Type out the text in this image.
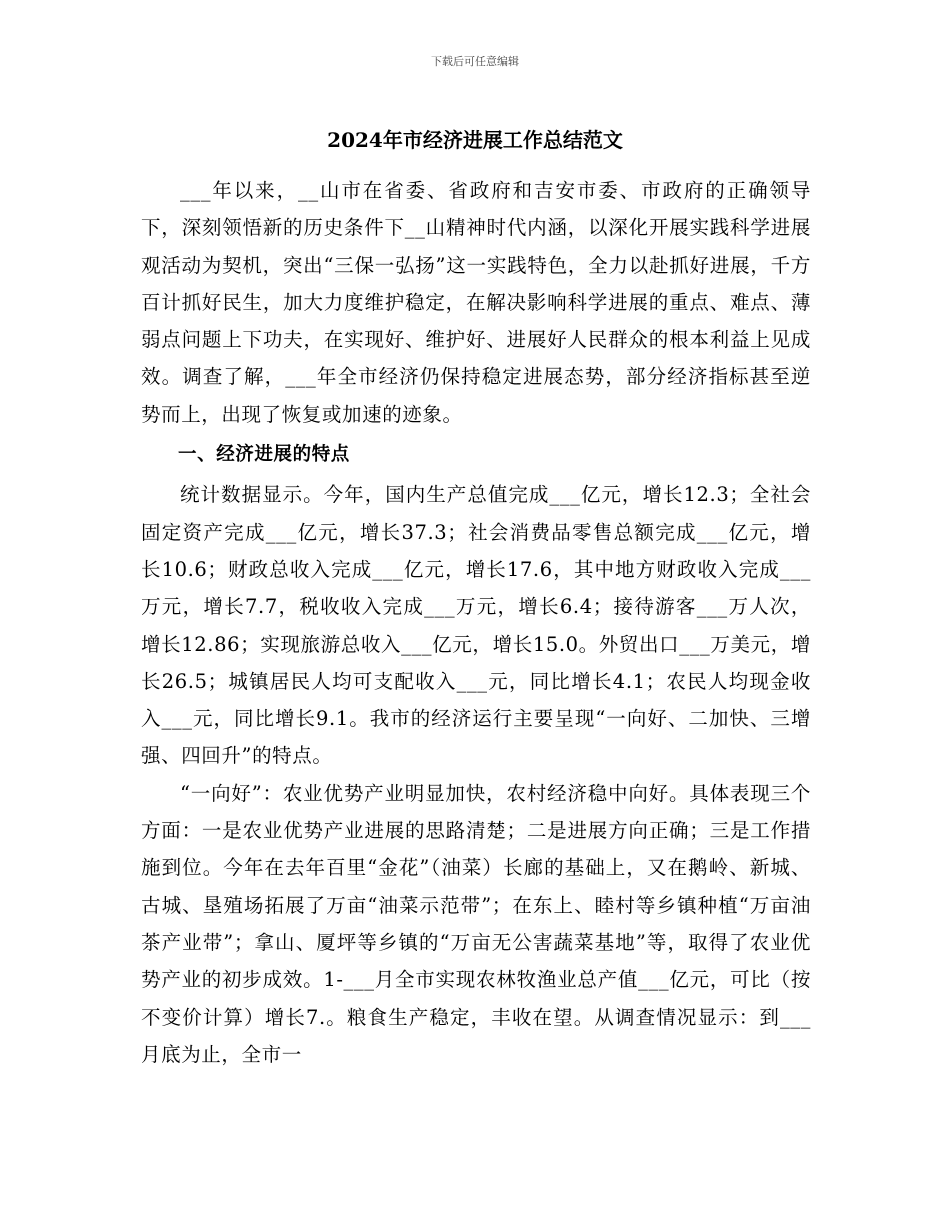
下载后可任意编辑
2024年市经济进展工作总结范文

___年以来，__山市在省委、省政府和吉安市委、市政府的正确领导下，深刻领悟新的历史条件下__山精神时代内涵，以深化开展实践科学进展观活动为契机，突出“三保一弘扬”这一实践特色，全力以赴抓好进展，千方百计抓好民生，加大力度维护稳定，在解决影响科学进展的重点、难点、薄弱点问题上下功夫，在实现好、维护好、进展好人民群众的根本利益上见成效。调查了解，___年全市经济仍保持稳定进展态势，部分经济指标甚至逆势而上，出现了恢复或加速的迹象。

一、经济进展的特点

统计数据显示。今年，国内生产总值完成___亿元，增长12.3；全社会固定资产完成___亿元，增长37.3；社会消费品零售总额完成___亿元，增长10.6；财政总收入完成___亿元，增长17.6，其中地方财政收入完成___万元，增长7.7，税收收入完成___万元，增长6.4；接待游客___万人次，增长12.86；实现旅游总收入___亿元，增长15.0。外贸出口___万美元，增长26.5；城镇居民人均可支配收入___元，同比增长4.1；农民人均现金收入___元，同比增长9.1。我市的经济运行主要呈现“一向好、二加快、三增强、四回升”的特点。

“一向好”：农业优势产业明显加快，农村经济稳中向好。具体表现三个方面：一是农业优势产业进展的思路清楚；二是进展方向正确；三是工作措施到位。今年在去年百里“金花”（油菜）长廊的基础上，又在鹅岭、新城、古城、垦殖场拓展了万亩“油菜示范带”；在东上、睦村等乡镇种植“万亩油茶产业带”；拿山、厦坪等乡镇的“万亩无公害蔬菜基地”等，取得了农业优势产业的初步成效。1-___月全市实现农林牧渔业总产值___亿元，可比（按不变价计算）增长7.。粮食生产稳定，丰收在望。从调查情况显示：到___月底为止，全市一
